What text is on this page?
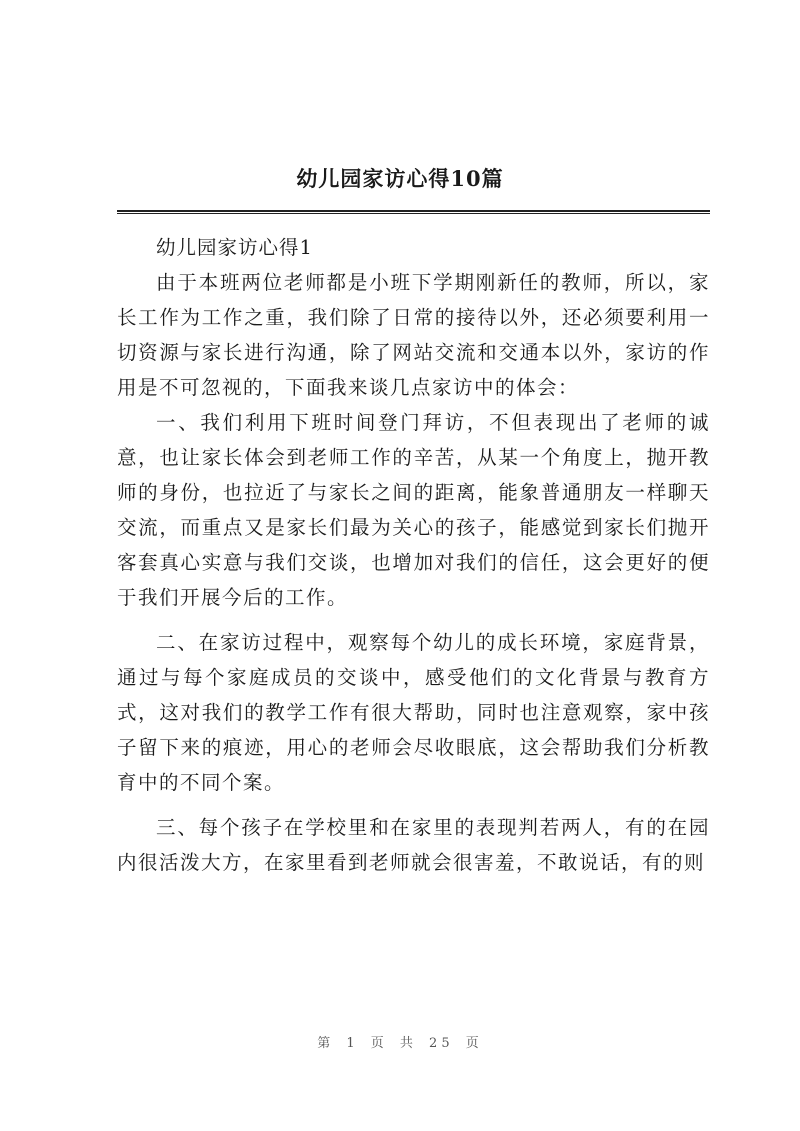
幼儿园家访心得10篇

幼儿园家访心得1

由于本班两位老师都是小班下学期刚新任的教师，所以，家长工作为工作之重，我们除了日常的接待以外，还必须要利用一切资源与家长进行沟通，除了网站交流和交通本以外，家访的作用是不可忽视的，下面我来谈几点家访中的体会：

一、我们利用下班时间登门拜访，不但表现出了老师的诚意，也让家长体会到老师工作的辛苦，从某一个角度上，抛开教师的身份，也拉近了与家长之间的距离，能象普通朋友一样聊天交流，而重点又是家长们最为关心的孩子，能感觉到家长们抛开客套真心实意与我们交谈，也增加对我们的信任，这会更好的便于我们开展今后的工作。

二、在家访过程中，观察每个幼儿的成长环境，家庭背景，通过与每个家庭成员的交谈中，感受他们的文化背景与教育方式，这对我们的教学工作有很大帮助，同时也注意观察，家中孩子留下来的痕迹，用心的老师会尽收眼底，这会帮助我们分析教育中的不同个案。

三、每个孩子在学校里和在家里的表现判若两人，有的在园内很活泼大方，在家里看到老师就会很害羞，不敢说话，有的则

第 1 页 共 25 页
